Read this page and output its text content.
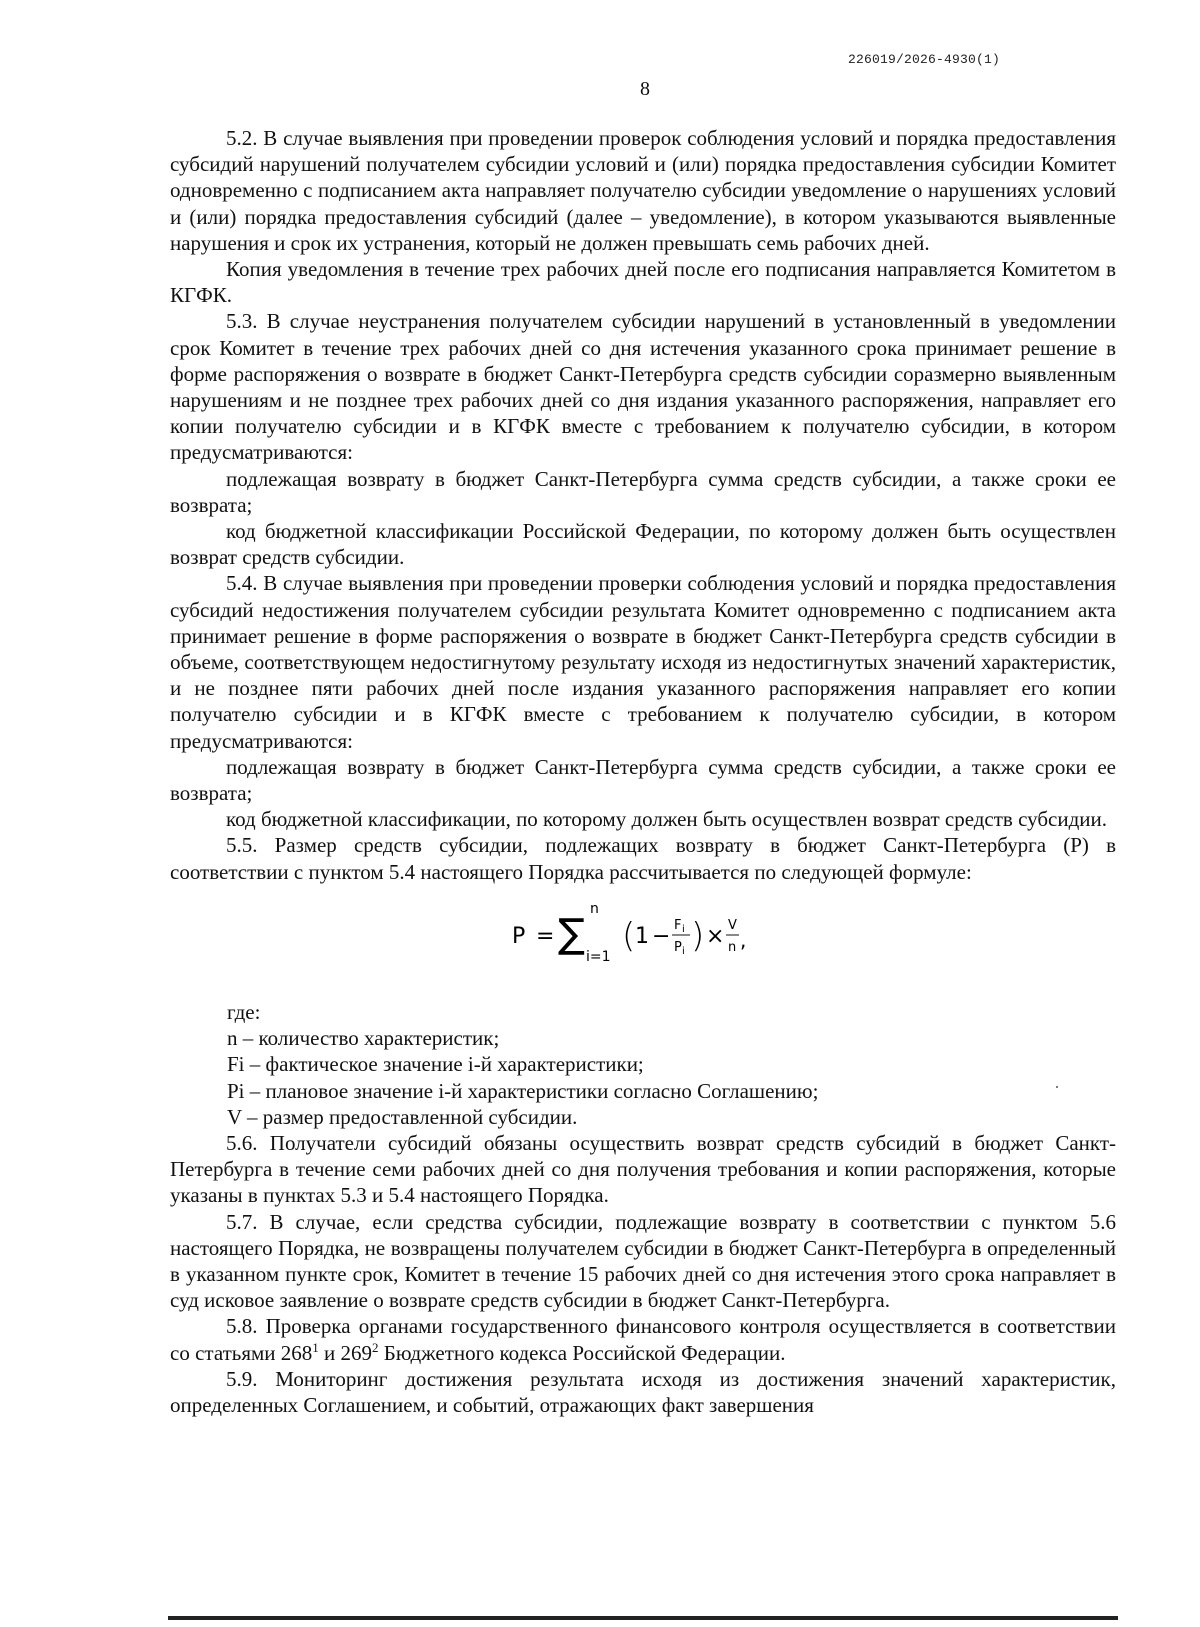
226019/2026-4930(1)
8

5.2. В случае выявления при проведении проверок соблюдения условий и порядка предоставления субсидий нарушений получателем субсидии условий и (или) порядка предоставления субсидии Комитет одновременно с подписанием акта направляет получателю субсидии уведомление о нарушениях условий и (или) порядка предоставления субсидий (далее – уведомление), в котором указываются выявленные нарушения и срок их устранения, который не должен превышать семь рабочих дней.

Копия уведомления в течение трех рабочих дней после его подписания направляется Комитетом в КГФК.

5.3. В случае неустранения получателем субсидии нарушений в установленный в уведомлении срок Комитет в течение трех рабочих дней со дня истечения указанного срока принимает решение в форме распоряжения о возврате в бюджет Санкт-Петербурга средств субсидии соразмерно выявленным нарушениям и не позднее трех рабочих дней со дня издания указанного распоряжения, направляет его копии получателю субсидии и в КГФК вместе с требованием к получателю субсидии, в котором предусматриваются:

подлежащая возврату в бюджет Санкт-Петербурга сумма средств субсидии, а также сроки ее возврата;

код бюджетной классификации Российской Федерации, по которому должен быть осуществлен возврат средств субсидии.

5.4. В случае выявления при проведении проверки соблюдения условий и порядка предоставления субсидий недостижения получателем субсидии результата Комитет одновременно с подписанием акта принимает решение в форме распоряжения о возврате в бюджет Санкт-Петербурга средств субсидии в объеме, соответствующем недостигнутому результату исходя из недостигнутых значений характеристик, и не позднее пяти рабочих дней после издания указанного распоряжения направляет его копии получателю субсидии и в КГФК вместе с требованием к получателю субсидии, в котором предусматриваются:

подлежащая возврату в бюджет Санкт-Петербурга сумма средств субсидии, а также сроки ее возврата;

код бюджетной классификации, по которому должен быть осуществлен возврат средств субсидии.

5.5. Размер средств субсидии, подлежащих возврату в бюджет Санкт-Петербурга (Р) в соответствии с пунктом 5.4 настоящего Порядка рассчитывается по следующей формуле:

P = ∑
n
i=1
( 1 − F i
P i ) × V
n ,

где:

n – количество характеристик;

Fi – фактическое значение i-й характеристики;

Pi – плановое значение i-й характеристики согласно Соглашению;

V – размер предоставленной субсидии.

5.6. Получатели субсидий обязаны осуществить возврат средств субсидий в бюджет Санкт-Петербурга в течение семи рабочих дней со дня получения требования и копии распоряжения, которые указаны в пунктах 5.3 и 5.4 настоящего Порядка.

5.7. В случае, если средства субсидии, подлежащие возврату в соответствии с пунктом 5.6 настоящего Порядка, не возвращены получателем субсидии в бюджет Санкт-Петербурга в определенный в указанном пункте срок, Комитет в течение 15 рабочих дней со дня истечения этого срока направляет в суд исковое заявление о возврате средств субсидии в бюджет Санкт-Петербурга.

5.8. Проверка органами государственного финансового контроля осуществляется в соответствии со статьями $268^1$ и $269^2$ Бюджетного кодекса Российской Федерации.

5.9. Мониторинг достижения результата исходя из достижения значений характеристик, определенных Соглашением, и событий, отражающих факт завершения
